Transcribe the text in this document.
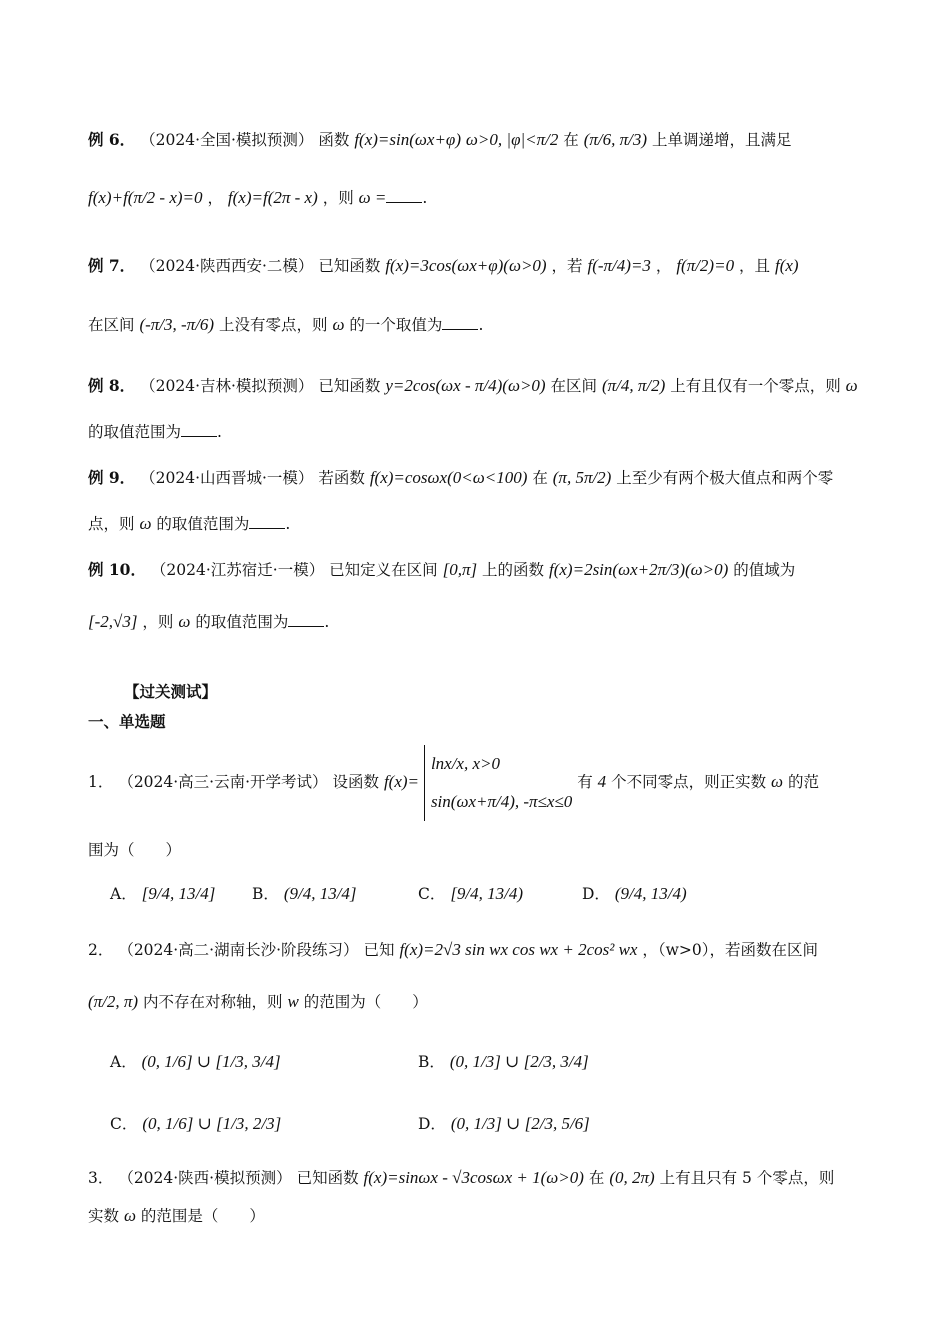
例 6． （2024·全国·模拟预测） 函数 f(x)=sin(ωx+φ) ω>0, |φ|<π/2 在 (π/6, π/3) 上单调递增，且满足
f(x)+f(π/2 - x)=0 ， f(x)=f(2π - x) ，则 ω = .
例 7． （2024·陕西西安·二模） 已知函数 f(x)=3cos(ωx+φ)(ω>0) ，若 f(-π/4)=3 ， f(π/2)=0 ，且 f(x)
在区间 (-π/3, -π/6) 上没有零点，则 ω 的一个取值为 .
例 8． （2024·吉林·模拟预测） 已知函数 y=2cos(ωx - π/4)(ω>0) 在区间 (π/4, π/2) 上有且仅有一个零点，则 ω
的取值范围为 .
例 9． （2024·山西晋城·一模） 若函数 f(x)=cosωx(0<ω<100) 在 (π, 5π/2) 上至少有两个极大值点和两个零
点，则 ω 的取值范围为 .
例 10． （2024·江苏宿迁·一模） 已知定义在区间 [0,π] 上的函数 f(x)=2sin(ωx+2π/3)(ω>0) 的值域为
[-2,√3] ，则 ω 的取值范围为 .
【过关测试】
一、单选题
1． （2024·高三·云南·开学考试） 设函数 f(x)= lnx/x, x>0
sin(ωx+π/4), -π≤x≤0 有 4 个不同零点，则正实数 ω 的范
围为（　　）
A． [9/4, 13/4] B． (9/4, 13/4]	C． [9/4, 13/4)	D． (9/4, 13/4)
2． （2024·高二·湖南长沙·阶段练习） 已知 f(x)=2√3 sin wx cos wx + 2cos² wx ，（w>0），若函数在区间
(π/2, π) 内不存在对称轴，则 w 的范围为（　　）
A． (0, 1/6] ∪ [1/3, 3/4]	B． (0, 1/3] ∪ [2/3, 3/4]
C． (0, 1/6] ∪ [1/3, 2/3]	D． (0, 1/3] ∪ [2/3, 5/6]
3． （2024·陕西·模拟预测） 已知函数 f(x)=sinωx - √3cosωx + 1(ω>0) 在 (0, 2π) 上有且只有 5 个零点，则
实数 ω 的范围是（　　）
